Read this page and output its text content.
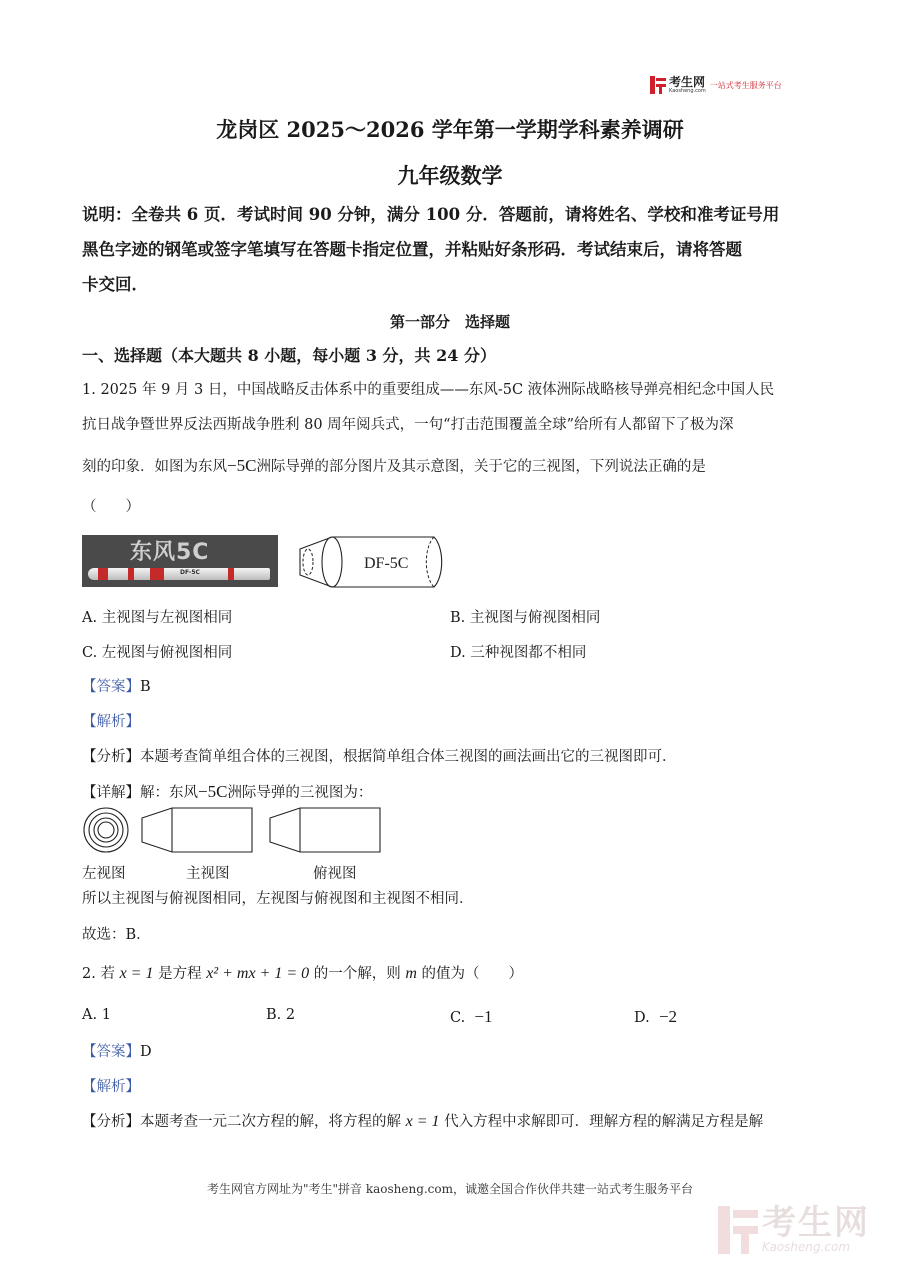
考生网
Kaosheng.com
一站式考生服务平台
龙岗区 2025～2026 学年第一学期学科素养调研
九年级数学
说明：全卷共 6 页．考试时间 90 分钟，满分 100 分．答题前，请将姓名、学校和准考证号用
黑色字迹的钢笔或签字笔填写在答题卡指定位置，并粘贴好条形码．考试结束后，请将答题
卡交回．
第一部分　选择题
一、选择题（本大题共 8 小题，每小题 3 分，共 24 分）
1. 2025 年 9 月 3 日，中国战略反击体系中的重要组成——东风-5C 液体洲际战略核导弹亮相纪念中国人民
抗日战争暨世界反法西斯战争胜利 80 周年阅兵式，一句“打击范围覆盖全球”给所有人都留下了极为深
刻的印象．如图为东风−5C洲际导弹的部分图片及其示意图，关于它的三视图，下列说法正确的是
（　　）
东风5C
DF-5C
DF-5C
A. 主视图与左视图相同	B. 主视图与俯视图相同
C. 左视图与俯视图相同	D. 三种视图都不相同
【答案】B
【解析】
【分析】本题考查简单组合体的三视图，根据简单组合体三视图的画法画出它的三视图即可．
【详解】解：东风−5C洲际导弹的三视图为：
左视图	主视图	俯视图
所以主视图与俯视图相同，左视图与俯视图和主视图不相同．
故选：B．
2. 若 x = 1 是方程 x² + mx + 1 = 0 的一个解，则 m 的值为（　　）
A. 1	B. 2	C. −1	D. −2
【答案】D
【解析】
【分析】本题考查一元二次方程的解，将方程的解 x = 1 代入方程中求解即可．理解方程的解满足方程是解
考生网官方网址为"考生"拼音 kaosheng.com，诚邀全国合作伙伴共建一站式考生服务平台
考生网
Kaosheng.com
